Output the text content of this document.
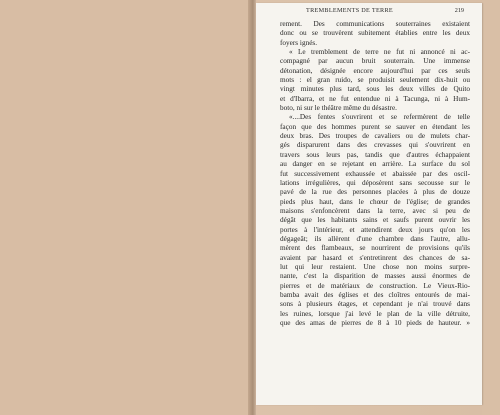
TREMBLEMENTS DE TERRE	219
rement. Des communications souterraines existaient
donc ou se trouvèrent subitement établies entre les deux
foyers ignés.
« Le tremblement de terre ne fut ni annoncé ni ac-
compagné par aucun bruit souterrain. Une immense
détonation, désignée encore aujourd'hui par ces seuls
mots : el gran ruido, se produisit seulement dix-huit ou
vingt minutes plus tard, sous les deux villes de Quito
et d'Ibarra, et ne fut entendue ni à Tacunga, ni à Hum-
boto, ni sur le théâtre même du désastre.
«....Des fentes s'ouvrirent et se refermèrent de telle
façon que des hommes purent se sauver en étendant les
deux bras. Des troupes de cavaliers ou de mulets char-
gés disparurent dans des crevasses qui s'ouvrirent en
travers sous leurs pas, tandis que d'autres échappaient
au danger en se rejetant en arrière. La surface du sol
fut successivement exhaussée et abaissée par des oscil-
lations irrégulières, qui déposèrent sans secousse sur le
pavé de la rue des personnes placées à plus de douze
pieds plus haut, dans le chœur de l'église; de grandes
maisons s'enfoncèrent dans la terre, avec si peu de
dégât que les habitants sains et saufs purent ouvrir les
portes à l'intérieur, et attendirent deux jours qu'on les
dégageât; ils allèrent d'une chambre dans l'autre, allu-
mèrent des flambeaux, se nourrirent de provisions qu'ils
avaient par hasard et s'entretinrent des chances de sa-
lut qui leur restaient. Une chose non moins surpre-
nante, c'est la disparition de masses aussi énormes de
pierres et de matériaux de construction. Le Vieux-Rio-
bamba avait des églises et des cloîtres entourés de mai-
sons à plusieurs étages, et cependant je n'ai trouvé dans
les ruines, lorsque j'ai levé le plan de la ville détruite,
que des amas de pierres de 8 à 10 pieds de hauteur. »
